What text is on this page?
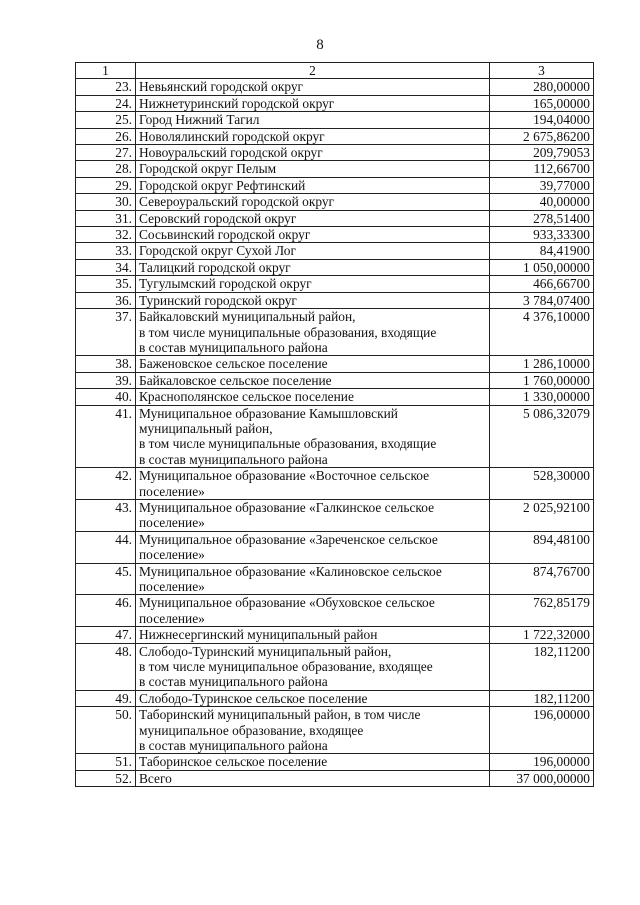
8
1	2	3
23.	Невьянский городской округ	280,00000
24.	Нижнетуринский городской округ	165,00000
25.	Город Нижний Тагил	194,04000
26.	Новолялинский городской округ	2 675,86200
27.	Новоуральский городской округ	209,79053
28.	Городской округ Пелым	112,66700
29.	Городской округ Рефтинский	39,77000
30.	Североуральский городской округ	40,00000
31.	Серовский городской округ	278,51400
32.	Сосьвинский городской округ	933,33300
33.	Городской округ Сухой Лог	84,41900
34.	Талицкий городской округ	1 050,00000
35.	Тугулымский городской округ	466,66700
36.	Туринский городской округ	3 784,07400
37.	Байкаловский муниципальный район,
в том числе муниципальные образования, входящие
в состав муниципального района	4 376,10000
38.	Баженовское сельское поселение	1 286,10000
39.	Байкаловское сельское поселение	1 760,00000
40.	Краснополянское сельское поселение	1 330,00000
41.	Муниципальное образование Камышловский
муниципальный район,
в том числе муниципальные образования, входящие
в состав муниципального района	5 086,32079
42.	Муниципальное образование «Восточное сельское
поселение»	528,30000
43.	Муниципальное образование «Галкинское сельское
поселение»	2 025,92100
44.	Муниципальное образование «Зареченское сельское
поселение»	894,48100
45.	Муниципальное образование «Калиновское сельское
поселение»	874,76700
46.	Муниципальное образование «Обуховское сельское
поселение»	762,85179
47.	Нижнесергинский муниципальный район	1 722,32000
48.	Слободо-Туринский муниципальный район,
в том числе муниципальное образование, входящее
в состав муниципального района	182,11200
49.	Слободо-Туринское сельское поселение	182,11200
50.	Таборинский муниципальный район, в том числе
муниципальное образование, входящее
в состав муниципального района	196,00000
51.	Таборинское сельское поселение	196,00000
52.	Всего	37 000,00000
